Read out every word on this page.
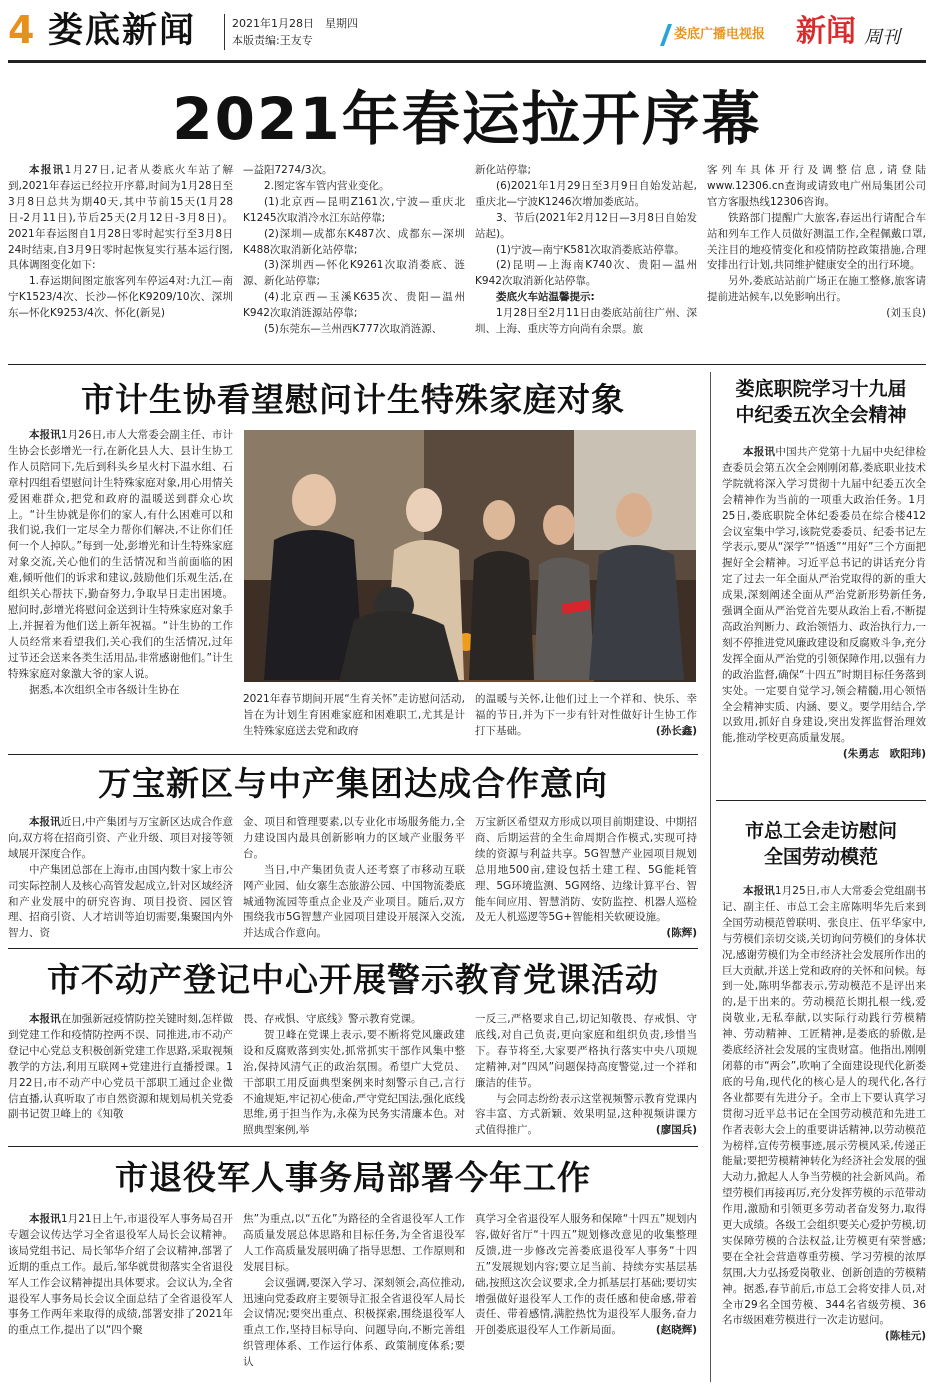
4 娄底新闻	2021年1月28日　星期四
本版责编:王友专	娄底广播电视报 新闻 周刊
2021年春运拉开序幕

本报讯1月27日,记者从娄底火车站了解到,2021年春运已经拉开序幕,时间为1月28日至3月8日总共为期40天,其中节前15天(1月28日-2月11日),节后25天(2月12日-3月8日)。2021年春运图自1月28日零时起实行至3月8日24时结束,自3月9日零时起恢复实行基本运行图,具体调图变化如下:

1.春运期间图定旅客列车停运4对:九江—南宁K1523/4次、长沙—怀化K9209/10次、深圳东—怀化K9253/4次、怀化(新晃)

—益阳7274/3次。

2.图定客车管内营业变化。

(1)北京西—昆明Z161次,宁波—重庆北K1245次取消冷水江东站停靠;

(2)深圳—成都东K487次、成都东—深圳K488次取消新化站停靠;

(3)深圳西—怀化K9261次取消娄底、涟源、新化站停靠;

(4)北京西—玉溪K635次、贵阳—温州K942次取消涟源站停靠;

(5)东莞东—兰州西K777次取消涟源、

新化站停靠;

(6)2021年1月29日至3月9日自始发站起,重庆北—宁波K1246次增加娄底站。

3、节后(2021年2月12日—3月8日自始发站起)。

(1)宁波—南宁K581次取消娄底站停靠。

(2)昆明—上海南K740次、贵阳—温州K942次取消新化站停靠。

娄底火车站温馨提示:

1月28日至2月11日由娄底站前往广州、深圳、上海、重庆等方向尚有余票。旅

客列车具体开行及调整信息,请登陆www.12306.cn查询或请致电广州局集团公司官方客服热线12306咨询。

铁路部门提醒广大旅客,春运出行请配合车站和列车工作人员做好测温工作,全程佩戴口罩,关注目的地疫情变化和疫情防控政策措施,合理安排出行计划,共同维护健康安全的出行环境。

另外,娄底站站前广场正在施工整修,旅客请提前进站候车,以免影响出行。

(刘玉良)

市计生协看望慰问计生特殊家庭对象

本报讯1月26日,市人大常委会副主任、市计生协会长彭增光一行,在新化县人大、县计生协工作人员陪同下,先后到科头乡星火村下温水组、石章村四组看望慰问计生特殊家庭对象,用心用情关爱困难群众,把党和政府的温暖送到群众心坎上。“计生协就是你们的家人,有什么困难可以和我们说,我们一定尽全力帮你们解决,不让你们任何一个人掉队。”每到一处,彭增光和计生特殊家庭对象交流,关心他们的生活情况和当前面临的困难,倾听他们的诉求和建议,鼓励他们乐观生活,在组织关心帮扶下,勤奋努力,争取早日走出困境。慰问时,彭增光将慰问金送到计生特殊家庭对象手上,并握着为他们送上新年祝福。“计生协的工作人员经常来看望我们,关心我们的生活情况,过年过节还会送来各类生活用品,非常感谢他们。”计生特殊家庭对象激大爷的家人说。

据悉,本次组织全市各级计生协在

2021年春节期间开展“生育关怀”走访慰问活动,旨在为计划生育困难家庭和困难职工,尤其是计生特殊家庭送去党和政府

的温暖与关怀,让他们过上一个祥和、快乐、幸福的节日,并为下一步有针对性做好计生协工作打下基础。	(孙长鑫)

万宝新区与中产集团达成合作意向

本报讯近日,中产集团与万宝新区达成合作意向,双方将在招商引资、产业升级、项目对接等领域展开深度合作。

中产集团总部在上海市,由国内数十家上市公司实际控制人及核心高管发起成立,针对区域经济和产业发展中的研究咨询、项目投资、园区管理、招商引资、人才培训等迫切需要,集聚国内外智力、资

金、项目和管理要素,以专业化市场服务能力,全力建设国内最具创新影响力的区域产业服务平台。

当日,中产集团负责人还考察了市移动互联网产业园、仙女寨生态旅游公园、中国物流娄底城通物流园等重点企业及产业项目。随后,双方围绕我市5G智慧产业园项目建设开展深入交流,并达成合作意向。

万宝新区希望双方形成以项目前期建设、中期招商、后期运营的全生命周期合作模式,实现可持续的资源与利益共享。5G智慧产业园项目规划总用地500亩,建设包括土建工程、5G能耗管理、5G环境监测、5G网络、边缘计算平台、智能车间应用、智慧消防、安防监控、机器人巡检及无人机巡逻等5G+智能相关软硬设施。
(陈辉)

市不动产登记中心开展警示教育党课活动

本报讯在加强新冠疫情防控关键时刻,怎样做到党建工作和疫情防控两不误、同推进,市不动产登记中心党总支积极创新党建工作思路,采取视频教学的方法,利用互联网+党建进行直播授课。1月22日,市不动产中心党员干部职工通过企业微信直播,认真听取了市自然资源和规划局机关党委副书记贺卫峰上的《知敬

畏、存戒惧、守底线》警示教育党课。

贺卫峰在党课上表示,要不断将党风廉政建设和反腐败落到实处,抓常抓实干部作风集中整治,保持风清气正的政治氛围。希望广大党员、干部职工用反面典型案例来时刻警示自己,言行不逾规矩,牢记初心使命,严守党纪国法,强化底线思维,勇于担当作为,永葆为民务实清廉本色。对照典型案例,举

一反三,严格要求自己,切记知敬畏、存戒惧、守底线,对自己负责,更向家庭和组织负责,珍惜当下。春节将至,大家要严格执行落实中央八项规定精神,对“四风”问题保持高度警觉,过一个祥和廉洁的佳节。

与会同志纷纷表示这堂视频警示教育党课内容丰富、方式新颖、效果明显,这种视频讲课方式值得推广。	(廖国兵)

市退役军人事务局部署今年工作

本报讯1月21日上午,市退役军人事务局召开专题会议传达学习全省退役军人局长会议精神。该局党组书记、局长邹华介绍了会议精神,部署了近期的重点工作。最后,邹华就贯彻落实全省退役军人工作会议精神提出具体要求。会议认为,全省退役军人事务局长会议全面总结了全省退役军人事务工作两年来取得的成绩,部署安排了2021年的重点工作,提出了以“四个聚

焦”为重点,以“五化”为路径的全省退役军人工作高质量发展总体思路和目标任务,为全省退役军人工作高质量发展明确了指导思想、工作原则和发展目标。

会议强调,要深入学习、深刻领会,高位推动,迅速向党委政府主要领导汇报全省退役军人局长会议情况;要突出重点、积极探索,围绕退役军人重点工作,坚持目标导向、问题导向,不断完善组织管理体系、工作运行体系、政策制度体系;要认

真学习全省退役军人服务和保障“十四五”规划内容,做好省厅“十四五”规划修改意见的收集整理反馈,进一步修改完善娄底退役军人事务“十四五”发展规划内容;要立足当前、持续夯实基层基础,按照这次会议要求,全力抓基层打基础;要切实增强做好退役军人工作的责任感和使命感,带着责任、带着感情,满腔热忱为退役军人服务,奋力开创娄底退役军人工作新局面。	(赵晓辉)

娄底职院学习十九届
中纪委五次全会精神

本报讯中国共产党第十九届中央纪律检查委员会第五次全会刚刚闭幕,娄底职业技术学院就将深入学习贯彻十九届中纪委五次全会精神作为当前的一项重大政治任务。1月25日,娄底职院全体纪委委员在综合楼412会议室集中学习,该院党委委员、纪委书记左学表示,要从“深学”“悟透”“用好”三个方面把握好全会精神。习近平总书记的讲话充分肯定了过去一年全面从严治党取得的新的重大成果,深刻阐述全面从严治党新形势新任务,强调全面从严治党首先要从政治上看,不断提高政治判断力、政治领悟力、政治执行力,一刻不停推进党风廉政建设和反腐败斗争,充分发挥全面从严治党的引领保障作用,以强有力的政治监督,确保“十四五”时期目标任务落到实处。一定要自觉学习,领会精髓,用心领悟全会精神实质、内涵、要义。要学用结合,学以致用,抓好自身建设,突出发挥监督治理效能,推动学校更高质量发展。
(朱勇志　欧阳玮)

市总工会走访慰问
全国劳动模范

本报讯1月25日,市人大常委会党组副书记、副主任、市总工会主席陈明华先后来到全国劳动模范曾联明、张良庄、伍平华家中,与劳模们亲切交谈,关切询问劳模们的身体状况,感谢劳模们为全市经济社会发展所作出的巨大贡献,并送上党和政府的关怀和问候。每到一处,陈明华都表示,劳动模范不是评出来的,是干出来的。劳动模范长期扎根一线,爱岗敬业,无私奉献,以实际行动践行劳模精神、劳动精神、工匠精神,是娄底的骄傲,是娄底经济社会发展的宝贵财富。他指出,刚刚闭幕的市“两会”,吹响了全面建设现代化新娄底的号角,现代化的核心是人的现代化,各行各业都要有先进分子。全市上下要认真学习贯彻习近平总书记在全国劳动模范和先进工作者表彰大会上的重要讲话精神,以劳动模范为榜样,宣传劳模事迹,展示劳模风采,传递正能量;要把劳模精神转化为经济社会发展的强大动力,掀起人人争当劳模的社会新风尚。希望劳模们再接再厉,充分发挥劳模的示范带动作用,激励和引领更多劳动者奋发努力,取得更大成绩。各级工会组织要关心爱护劳模,切实保障劳模的合法权益,让劳模更有荣誉感;要在全社会营造尊重劳模、学习劳模的浓厚氛围,大力弘扬爱岗敬业、创新创造的劳模精神。据悉,春节前后,市总工会将安排人员,对全市29名全国劳模、344名省级劳模、36名市级困难劳模进行一次走访慰问。
(陈桂元)
